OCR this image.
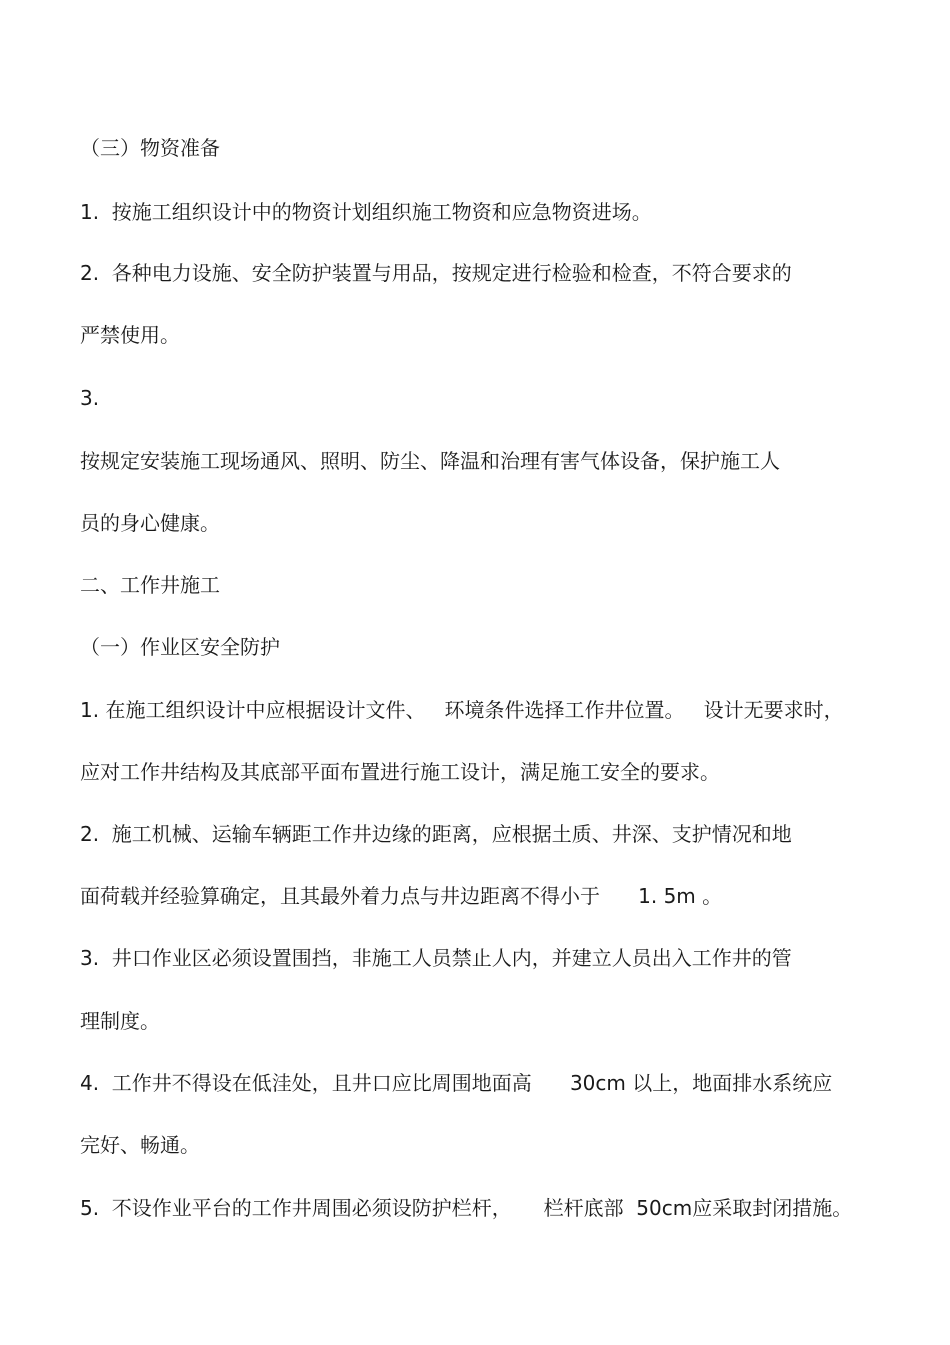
（三）物资准备
1.  按施工组织设计中的物资计划组织施工物资和应急物资进场。
2.  各种电力设施、安全防护装置与用品，按规定进行检验和检查，不符合要求的
严禁使用。
3.
按规定安装施工现场通风、照明、防尘、降温和治理有害气体设备，保护施工人
员的身心健康。
二、工作井施工
（一）作业区安全防护
1. 在施工组织设计中应根据设计文件、   环境条件选择工作井位置。   设计无要求时，
应对工作井结构及其底部平面布置进行施工设计，满足施工安全的要求。
2.  施工机械、运输车辆距工作井边缘的距离，应根据土质、井深、支护情况和地
面荷载并经验算确定，且其最外着力点与井边距离不得小于      1. 5m 。
3.  井口作业区必须设置围挡，非施工人员禁止人内，并建立人员出入工作井的管
理制度。
4.  工作井不得设在低洼处，且井口应比周围地面高      30cm 以上，地面排水系统应
完好、畅通。
5.  不设作业平台的工作井周围必须设防护栏杆，     栏杆底部  50cm应采取封闭措施。
